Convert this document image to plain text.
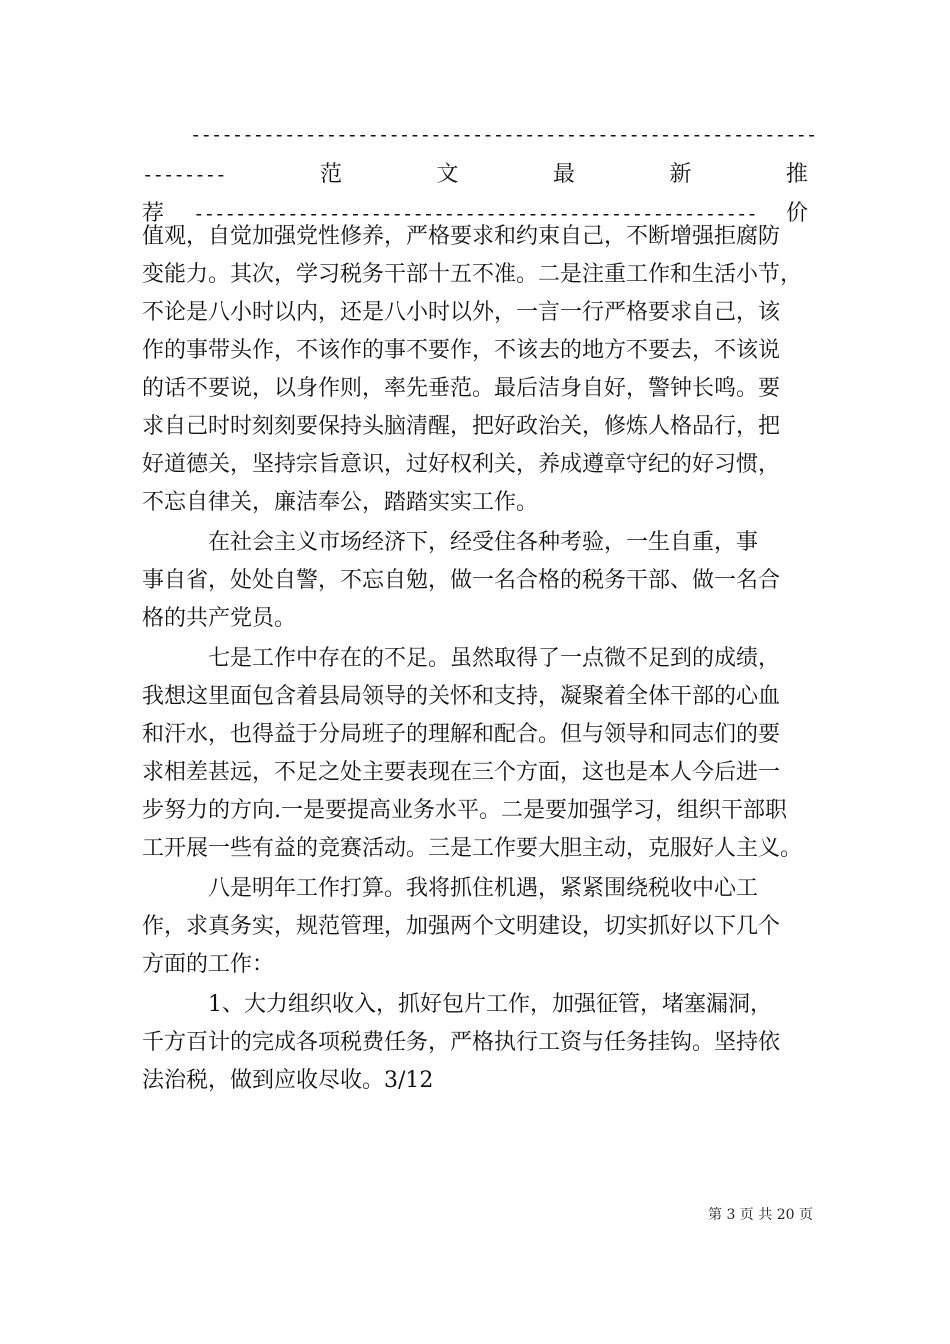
------------------------------------------------------------
--------	范	文	最	新	推
荐 ------------------------------------------------------ 价
值观，自觉加强党性修养，严格要求和约束自己，不断增强拒腐防
变能力。其次，学习税务干部十五不准。二是注重工作和生活小节，
不论是八小时以内，还是八小时以外，一言一行严格要求自己，该
作的事带头作，不该作的事不要作，不该去的地方不要去，不该说
的话不要说，以身作则，率先垂范。最后洁身自好，警钟长鸣。要
求自己时时刻刻要保持头脑清醒，把好政治关，修炼人格品行，把
好道德关，坚持宗旨意识，过好权利关，养成遵章守纪的好习惯，
不忘自律关，廉洁奉公，踏踏实实工作。
　　　在社会主义市场经济下，经受住各种考验，一生自重，事
事自省，处处自警，不忘自勉，做一名合格的税务干部、做一名合
格的共产党员。
　　　七是工作中存在的不足。虽然取得了一点微不足到的成绩，
我想这里面包含着县局领导的关怀和支持，凝聚着全体干部的心血
和汗水，也得益于分局班子的理解和配合。但与领导和同志们的要
求相差甚远，不足之处主要表现在三个方面，这也是本人今后进一
步努力的方向.一是要提高业务水平。二是要加强学习，组织干部职
工开展一些有益的竞赛活动。三是工作要大胆主动，克服好人主义。
　　　八是明年工作打算。我将抓住机遇，紧紧围绕税收中心工
作，求真务实，规范管理，加强两个文明建设，切实抓好以下几个
方面的工作：
　　　1、大力组织收入，抓好包片工作，加强征管，堵塞漏洞，
千方百计的完成各项税费任务，严格执行工资与任务挂钩。坚持依
法治税，做到应收尽收。3/12
第 3 页 共 20 页
